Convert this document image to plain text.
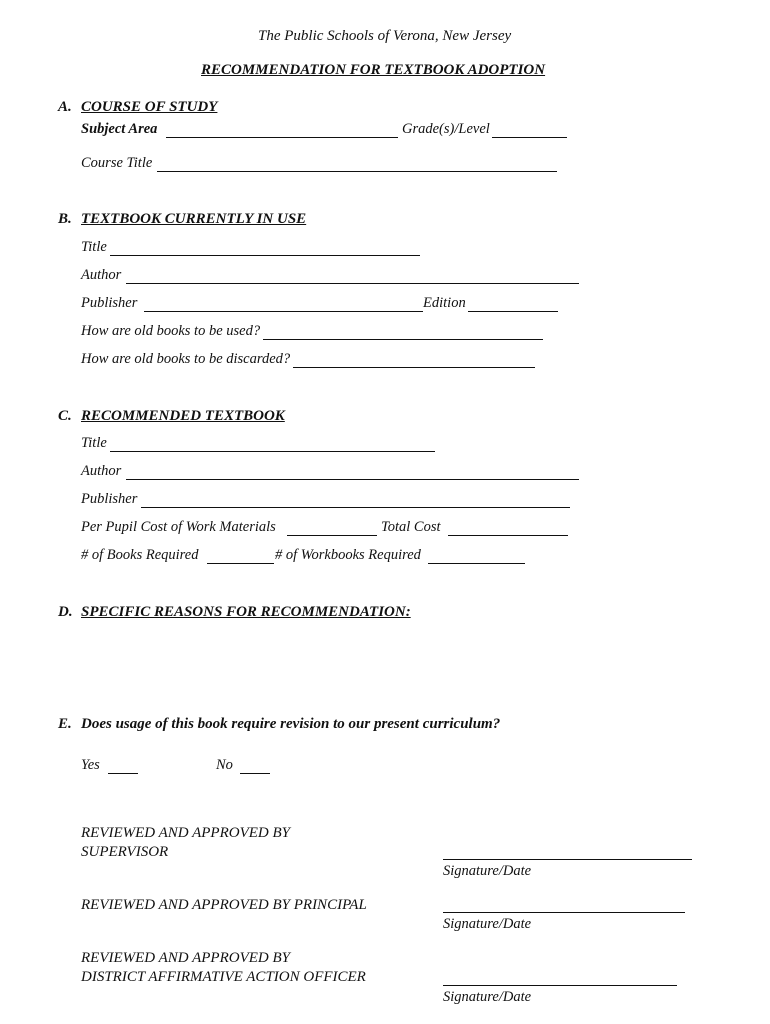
The Public Schools of Verona, New Jersey
RECOMMENDATION FOR TEXTBOOK ADOPTION
A. COURSE OF STUDY
Subject Area	Grade(s)/Level
Course Title
B. TEXTBOOK CURRENTLY IN USE
Title
Author
Publisher	Edition
How are old books to be used?
How are old books to be discarded?
C. RECOMMENDED TEXTBOOK
Title
Author
Publisher
Per Pupil Cost of Work Materials	Total Cost
# of Books Required	# of Workbooks Required
D. SPECIFIC REASONS FOR RECOMMENDATION:
E. Does usage of this book require revision to our present curriculum?
Yes	No
REVIEWED AND APPROVED BY
SUPERVISOR
Signature/Date
REVIEWED AND APPROVED BY PRINCIPAL
Signature/Date
REVIEWED AND APPROVED BY
DISTRICT AFFIRMATIVE ACTION OFFICER
Signature/Date
